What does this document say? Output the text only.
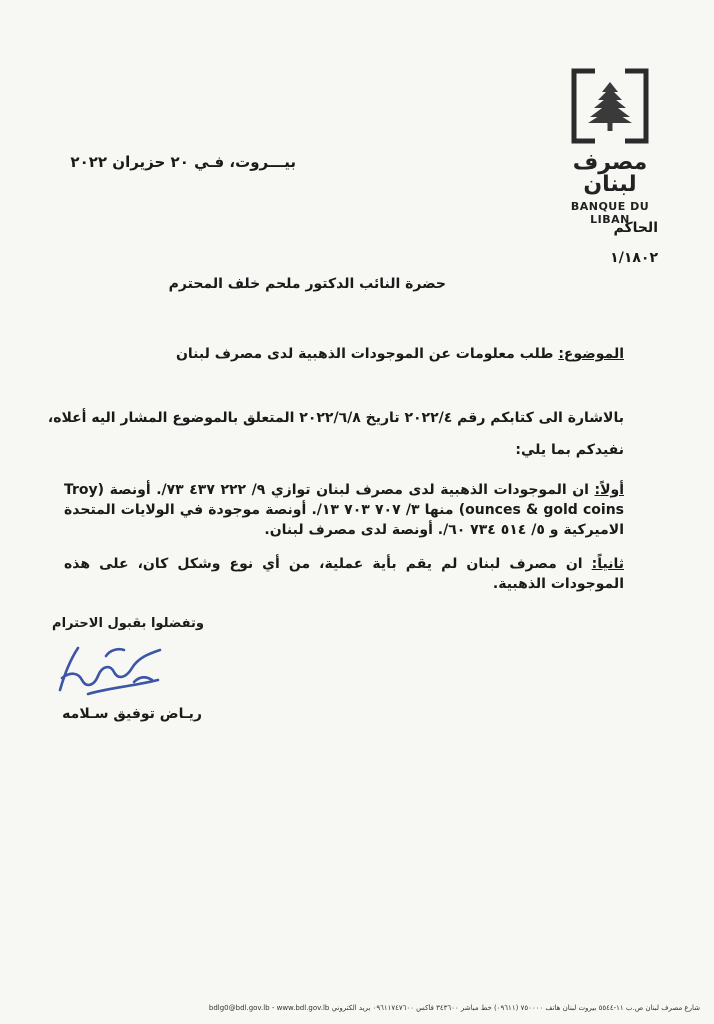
مصرف لبنان
BANQUE DU LIBAN
بيـــروت، فـي ٢٠ حزيران ٢٠٢٢
الحاكم
١/١٨٠٢
حضرة النائب الدكتور ملحم خلف المحترم
الموضوع: طلب معلومات عن الموجودات الذهبية لدى مصرف لبنان
بالاشارة الى كتابكم رقم ٢٠٢٢/٤ تاريخ ٢٠٢٢/٦/٨ المتعلق بالموضوع المشار اليه أعلاه،
نفيدكم بما يلي:
أولاً: ان الموجودات الذهبية لدى مصرف لبنان توازي ٩/ ٢٢٢ ٤٣٧ ٧٣/. أونصة (Troy ounces & gold coins) منها ٣/ ٧٠٧ ٧٠٣ ١٣/. أونصة موجودة في الولايات المتحدة الاميركية و ٥/ ٥١٤ ٧٣٤ ٦٠/. أونصة لدى مصرف لبنان.
ثانياً: ان مصرف لبنان لم يقم بأية عملية، من أي نوع وشكل كان، على هذه الموجودات الذهبية.
وتفضلوا بقبول الاحترام
ريـاض توفيق سـلامه
شارع مصرف لبنان ص.ب ١١-٥٥٤٤ بيروت لبنان هاتف ٧٥٠٠٠٠ (٠٩٦١١) خط مباشر ٣٤٣٦٠٠ فاكس ٠٩٦١١٧٤٧٦٠٠ بريد الكتروني bdlg0@bdl.gov.lb - www.bdl.gov.lb
